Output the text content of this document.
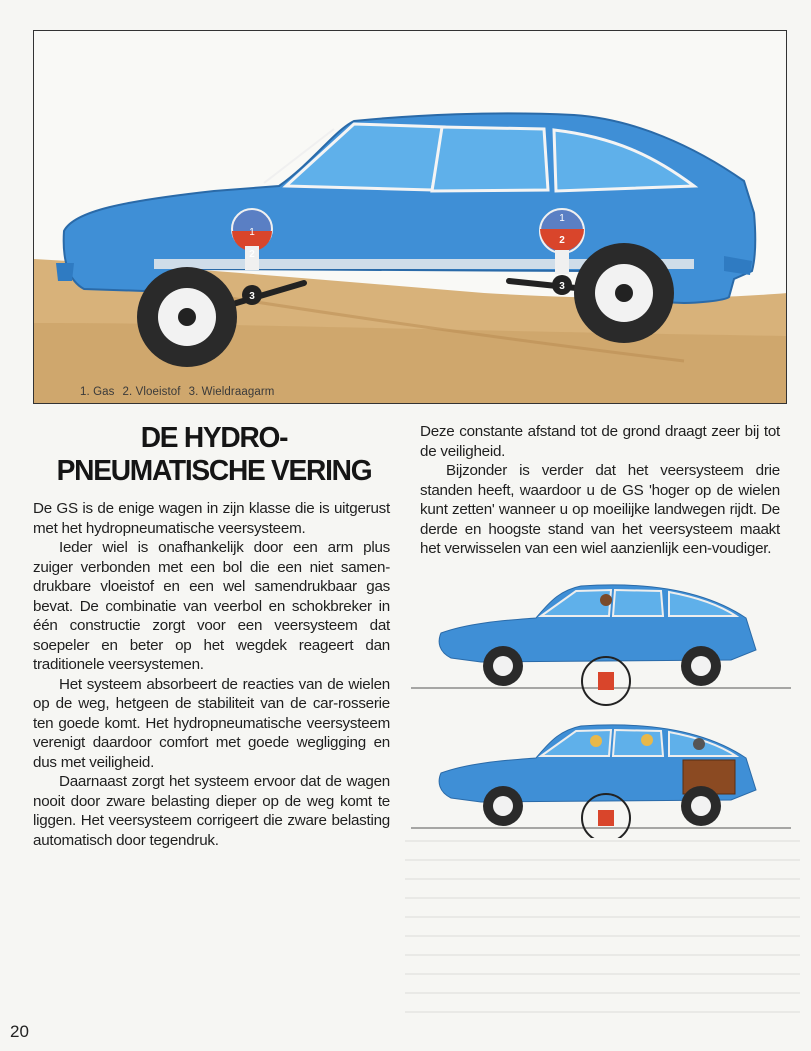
1
2
1
2
3
3
1. Gas 2. Vloeistof 3. Wieldraagarm
DE HYDRO-
PNEUMATISCHE VERING

De GS is de enige wagen in zijn klasse die is uitgerust met het hydropneumatische veersysteem.

Ieder wiel is onafhankelijk door een arm plus zuiger verbonden met een bol die een niet samen-drukbare vloeistof en een wel samendrukbaar gas bevat. De combinatie van veerbol en schokbreker in één constructie zorgt voor een veersysteem dat soepeler en beter op het wegdek reageert dan traditionele veersystemen.

Het systeem absorbeert de reacties van de wielen op de weg, hetgeen de stabiliteit van de car-rosserie ten goede komt. Het hydropneumatische veersysteem verenigt daardoor comfort met goede wegligging en dus met veiligheid.

Daarnaast zorgt het systeem ervoor dat de wagen nooit door zware belasting dieper op de weg komt te liggen. Het veersysteem corrigeert die zware belasting automatisch door tegendruk.

Deze constante afstand tot de grond draagt zeer bij tot de veiligheid.

Bijzonder is verder dat het veersysteem drie standen heeft, waardoor u de GS 'hoger op de wielen kunt zetten' wanneer u op moeilijke landwegen rijdt. De derde en hoogste stand van het veersysteem maakt het verwisselen van een wiel aanzienlijk een-voudiger.

20
